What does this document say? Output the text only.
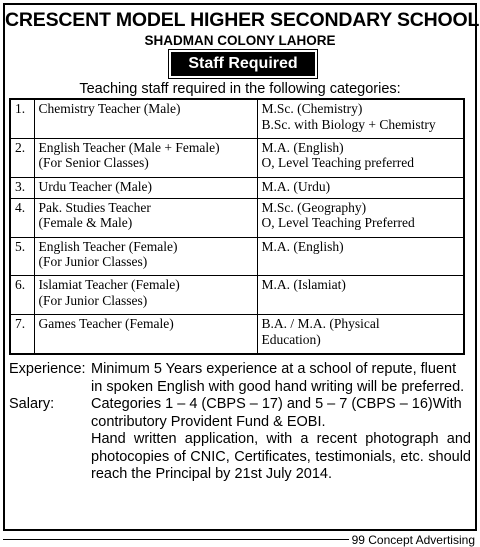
CRESCENT MODEL HIGHER SECONDARY SCHOOL
SHADMAN COLONY LAHORE
Staff Required
Teaching staff required in the following categories:
1.	Chemistry Teacher (Male)	M.Sc. (Chemistry)
B.Sc. with Biology + Chemistry

2.	English Teacher (Male + Female)
(For Senior Classes)	M.A. (English)
O, Level Teaching preferred

3.	Urdu Teacher (Male)	M.A. (Urdu)

4.	Pak. Studies Teacher
(Female & Male)	M.Sc. (Geography)
O, Level Teaching Preferred

5.	English Teacher (Female)
(For Junior Classes)	M.A. (English)

6.	Islamiat Teacher (Female)
(For Junior Classes)	M.A. (Islamiat)

7.	Games Teacher (Female)	B.A. / M.A. (Physical
Education)
Experience: Minimum 5 Years experience at a school of repute, fluent in spoken English with good hand writing will be preferred.
Salary:	Categories 1 – 4 (CBPS – 17) and 5 – 7 (CBPS – 16)With contributory Provident Fund & EOBI.
Hand written application, with a recent photograph and photocopies of CNIC, Certificates, testimonials, etc. should reach the Principal by 21st July 2014.
99 Concept Advertising
